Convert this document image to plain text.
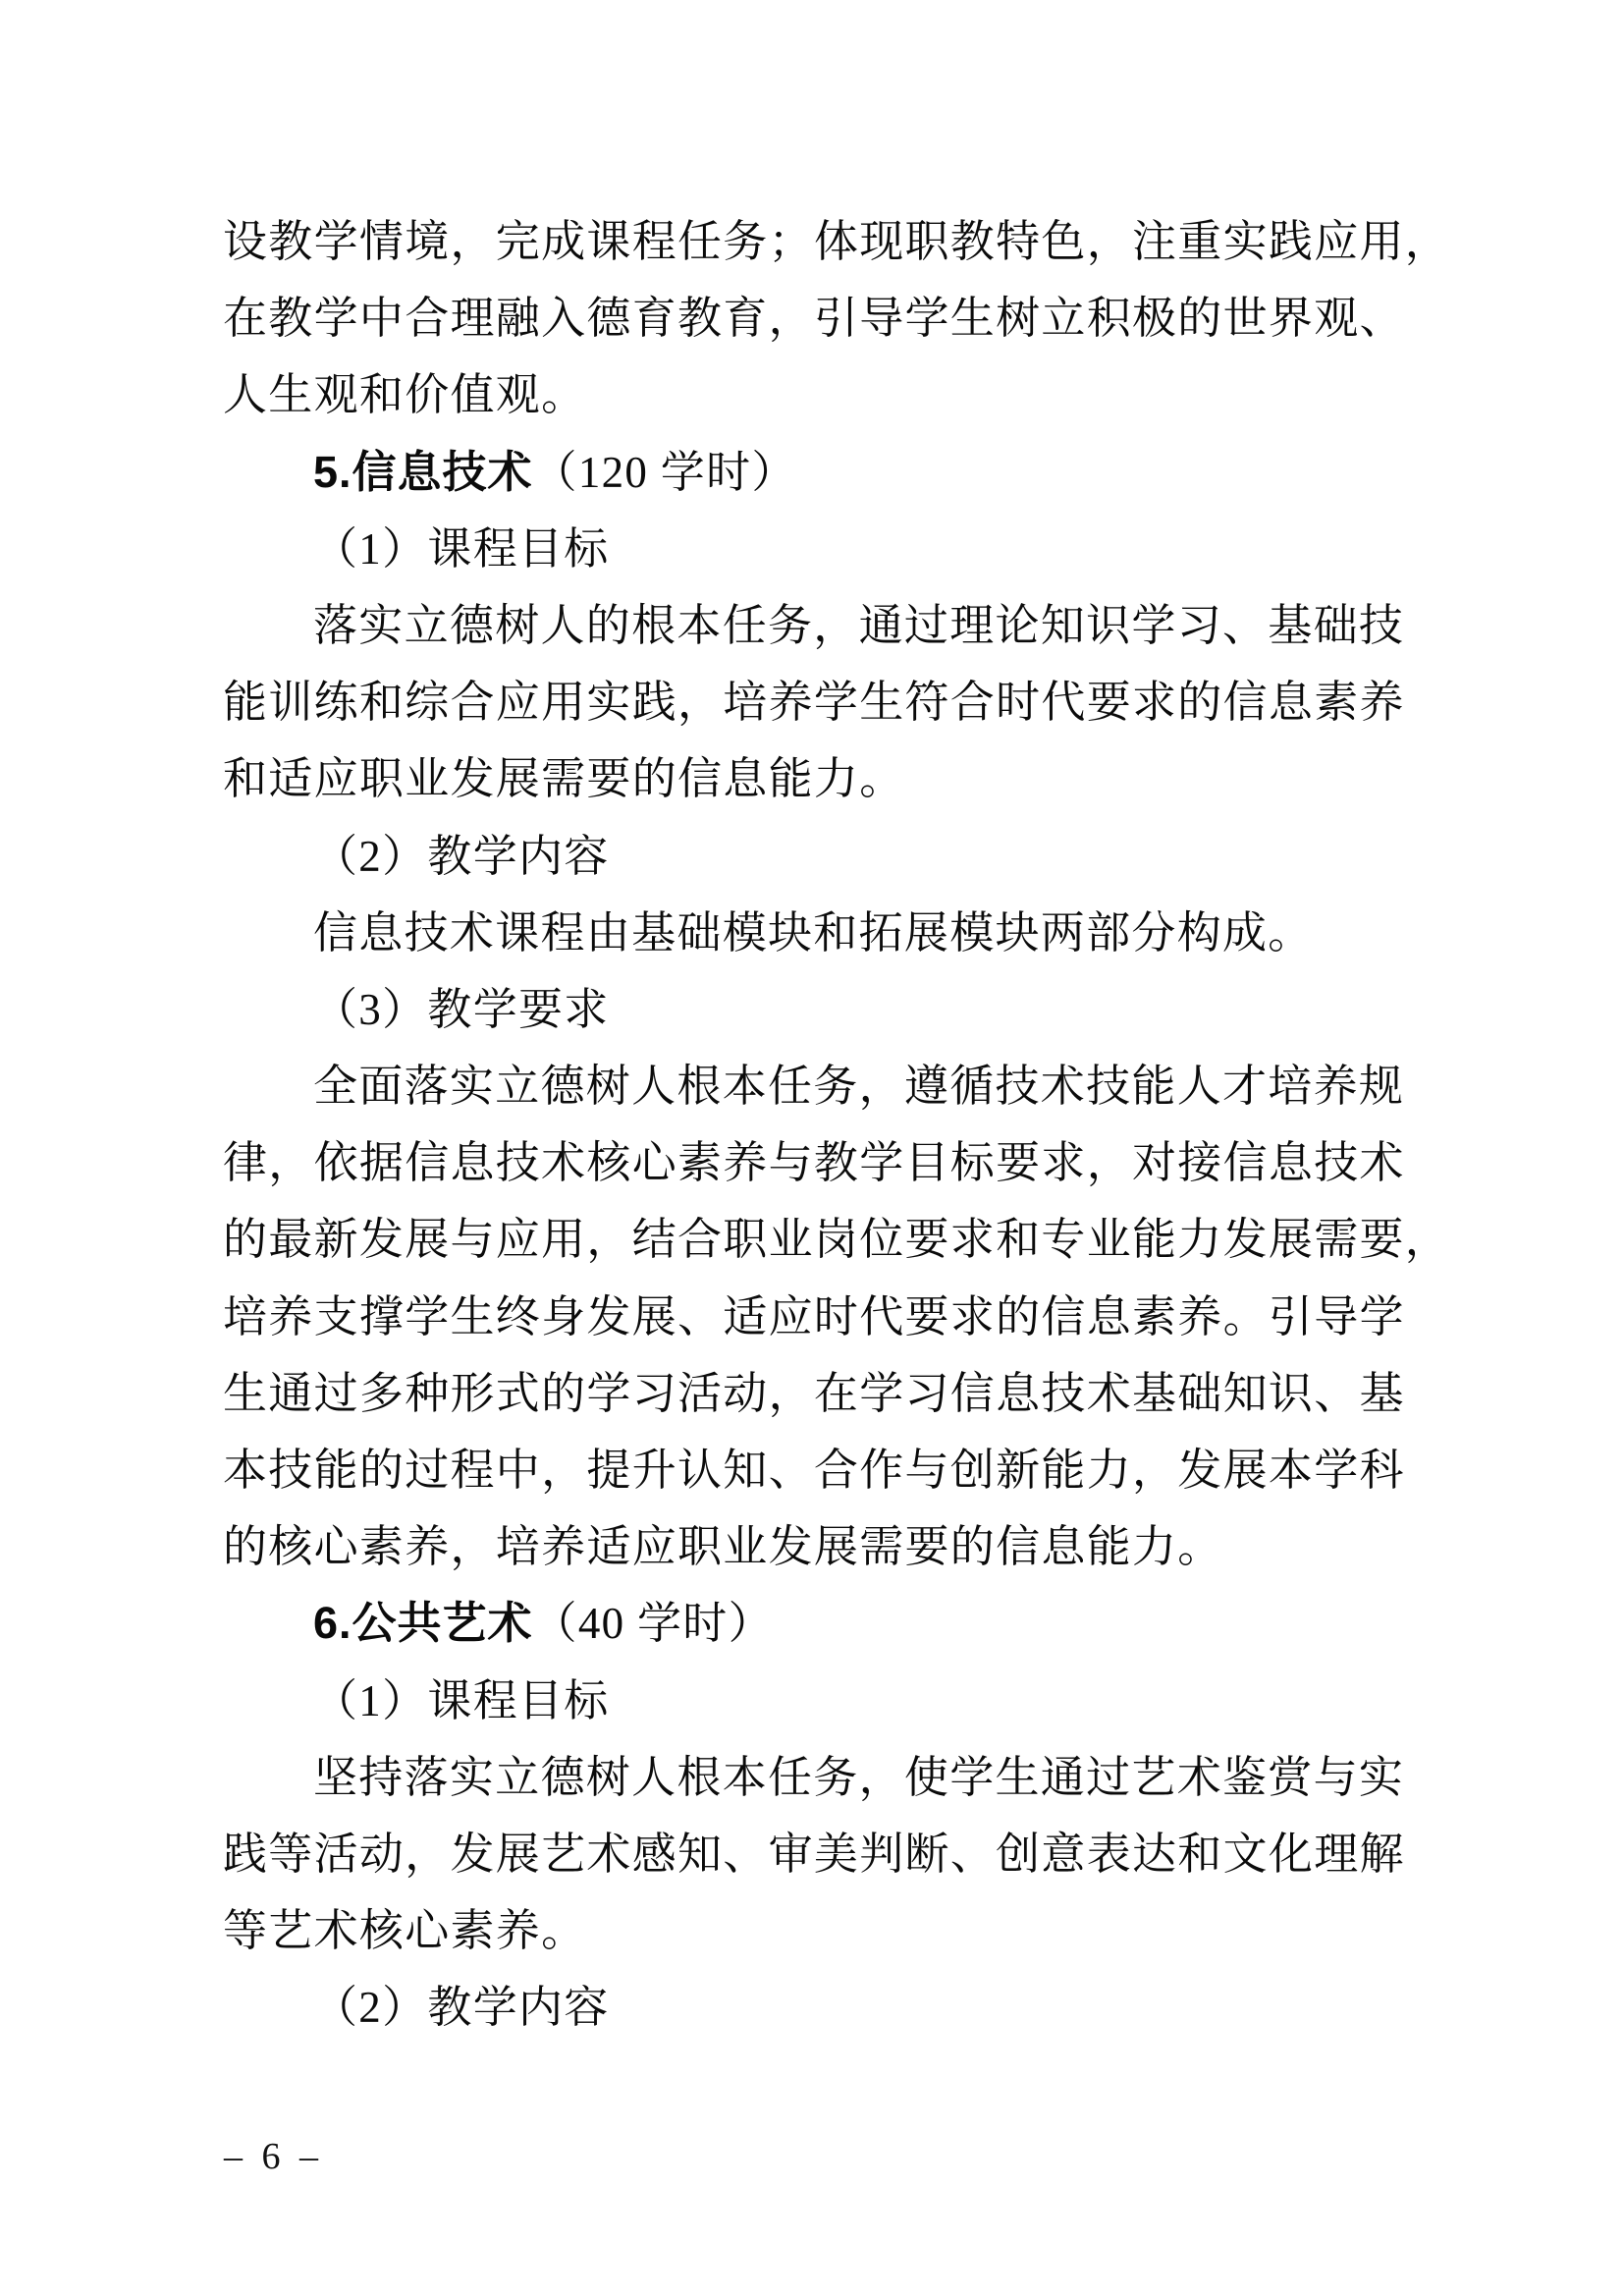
设教学情境，完成课程任务；体现职教特色，注重实践应用，
在教学中合理融入德育教育，引导学生树立积极的世界观、
人生观和价值观。
5.信息技术（120 学时）
（1）课程目标
落实立德树人的根本任务，通过理论知识学习、基础技
能训练和综合应用实践，培养学生符合时代要求的信息素养
和适应职业发展需要的信息能力。
（2）教学内容
信息技术课程由基础模块和拓展模块两部分构成。
（3）教学要求
全面落实立德树人根本任务，遵循技术技能人才培养规
律，依据信息技术核心素养与教学目标要求，对接信息技术
的最新发展与应用，结合职业岗位要求和专业能力发展需要，
培养支撑学生终身发展、适应时代要求的信息素养。引导学
生通过多种形式的学习活动，在学习信息技术基础知识、基
本技能的过程中，提升认知、合作与创新能力，发展本学科
的核心素养，培养适应职业发展需要的信息能力。
6.公共艺术（40 学时）
（1）课程目标
坚持落实立德树人根本任务，使学生通过艺术鉴赏与实
践等活动，发展艺术感知、审美判断、创意表达和文化理解
等艺术核心素养。
（2）教学内容
– 6 –
